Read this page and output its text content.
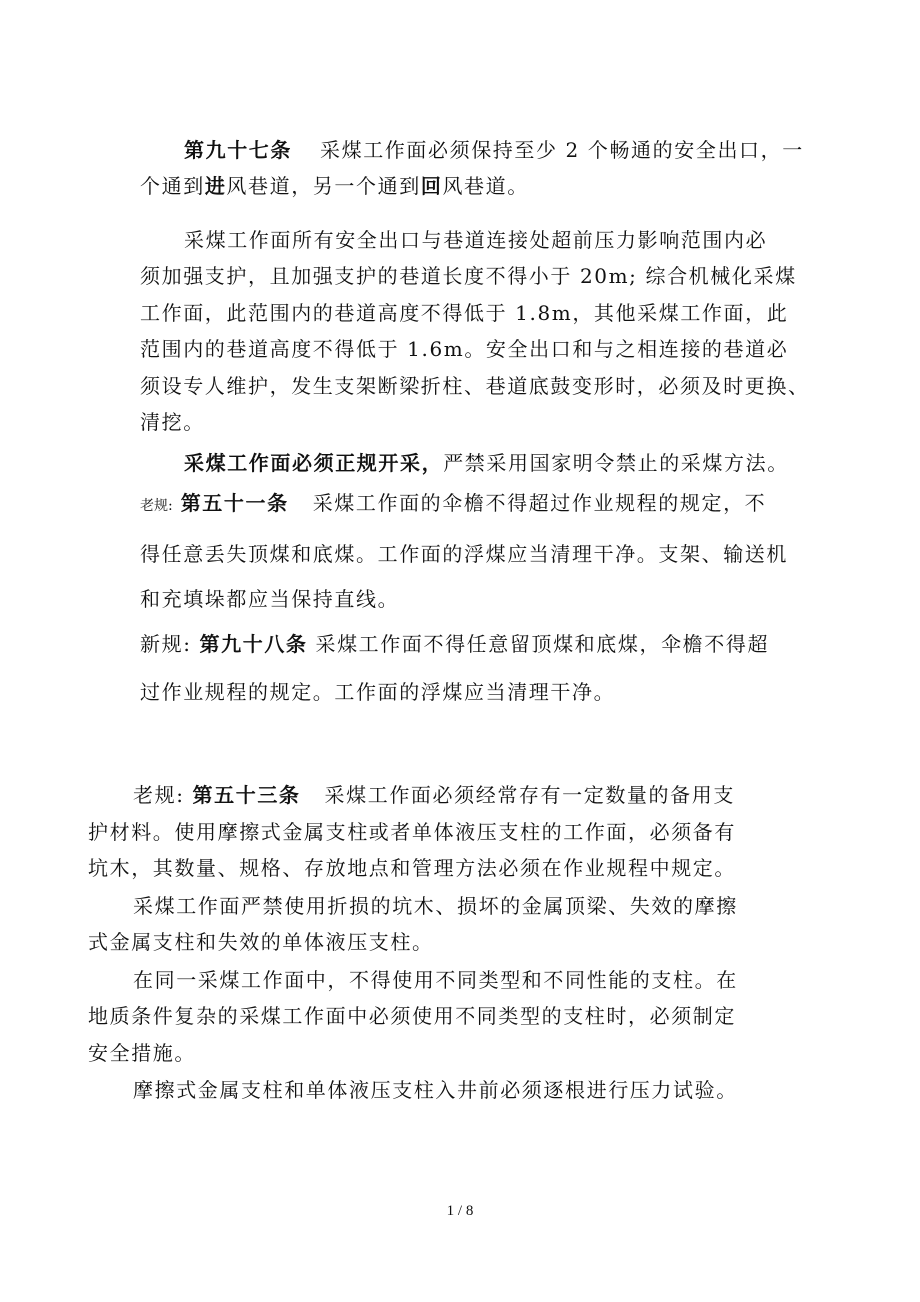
第九十七条 采煤工作面必须保持至少 2 个畅通的安全出口，一
个通到进风巷道，另一个通到回风巷道。
采煤工作面所有安全出口与巷道连接处超前压力影响范围内必
须加强支护，且加强支护的巷道长度不得小于 20m; 综合机械化采煤
工作面，此范围内的巷道高度不得低于 1.8m，其他采煤工作面，此
范围内的巷道高度不得低于 1.6m。安全出口和与之相连接的巷道必
须设专人维护，发生支架断梁折柱、巷道底鼓变形时，必须及时更换、
清挖。
采煤工作面必须正规开采，严禁采用国家明令禁止的采煤方法。
老规: 第五十一条 采煤工作面的伞檐不得超过作业规程的规定，不
得任意丢失顶煤和底煤。工作面的浮煤应当清理干净。支架、输送机
和充填垛都应当保持直线。
新规: 第九十八条 采煤工作面不得任意留顶煤和底煤，伞檐不得超
过作业规程的规定。工作面的浮煤应当清理干净。
老规: 第五十三条 采煤工作面必须经常存有一定数量的备用支
护材料。使用摩擦式金属支柱或者单体液压支柱的工作面，必须备有
坑木，其数量、规格、存放地点和管理方法必须在作业规程中规定。
采煤工作面严禁使用折损的坑木、损坏的金属顶梁、失效的摩擦
式金属支柱和失效的单体液压支柱。
在同一采煤工作面中，不得使用不同类型和不同性能的支柱。在
地质条件复杂的采煤工作面中必须使用不同类型的支柱时，必须制定
安全措施。
摩擦式金属支柱和单体液压支柱入井前必须逐根进行压力试验。
1 / 8
